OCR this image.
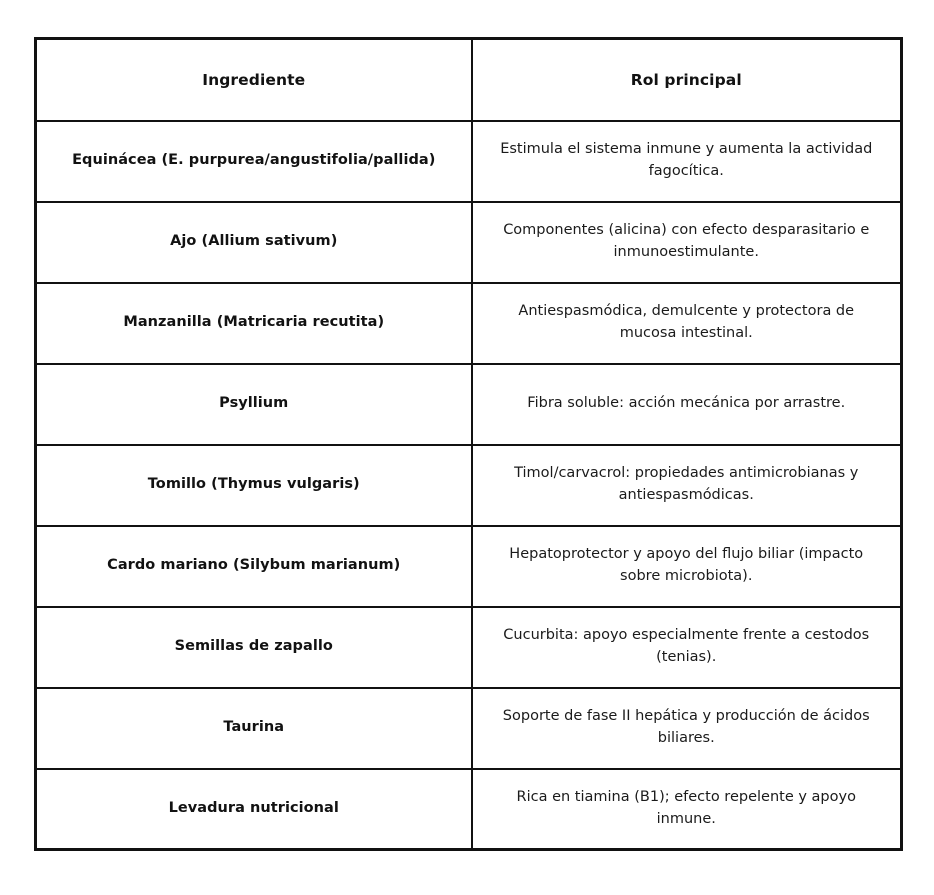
Ingrediente	Rol principal
Equinácea (E. purpurea/angustifolia/pallida)	Estimula el sistema inmune y aumenta la actividad fagocítica.
Ajo (Allium sativum)	Componentes (alicina) con efecto desparasitario e inmunoestimulante.
Manzanilla (Matricaria recutita)	Antiespasmódica, demulcente y protectora de mucosa intestinal.
Psyllium	Fibra soluble: acción mecánica por arrastre.
Tomillo (Thymus vulgaris)	Timol/carvacrol: propiedades antimicrobianas y antiespasmódicas.
Cardo mariano (Silybum marianum)	Hepatoprotector y apoyo del flujo biliar (impacto sobre microbiota).
Semillas de zapallo	Cucurbita: apoyo especialmente frente a cestodos (tenias).
Taurina	Soporte de fase II hepática y producción de ácidos biliares.
Levadura nutricional	Rica en tiamina (B1); efecto repelente y apoyo inmune.
